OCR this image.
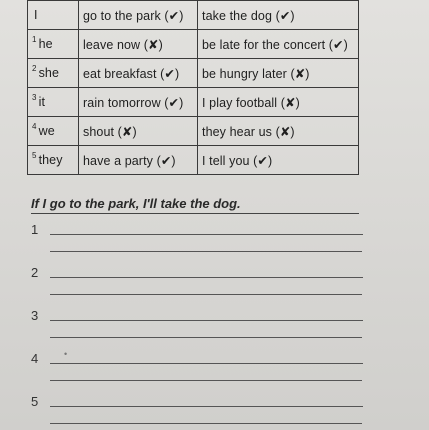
I	go to the park (✔)	take the dog (✔)
$^1$ he	leave now (✘)	be late for the concert (✔)
$^2$ she	eat breakfast (✔)	be hungry later (✘)
$^3$ it	rain tomorrow (✔)	I play football (✘)
$^4$ we	shout (✘)	they hear us (✘)
$^5$ they	have a party (✔)	I tell you (✔)
If I go to the park, I'll take the dog.
1
2
3
4
5
•
